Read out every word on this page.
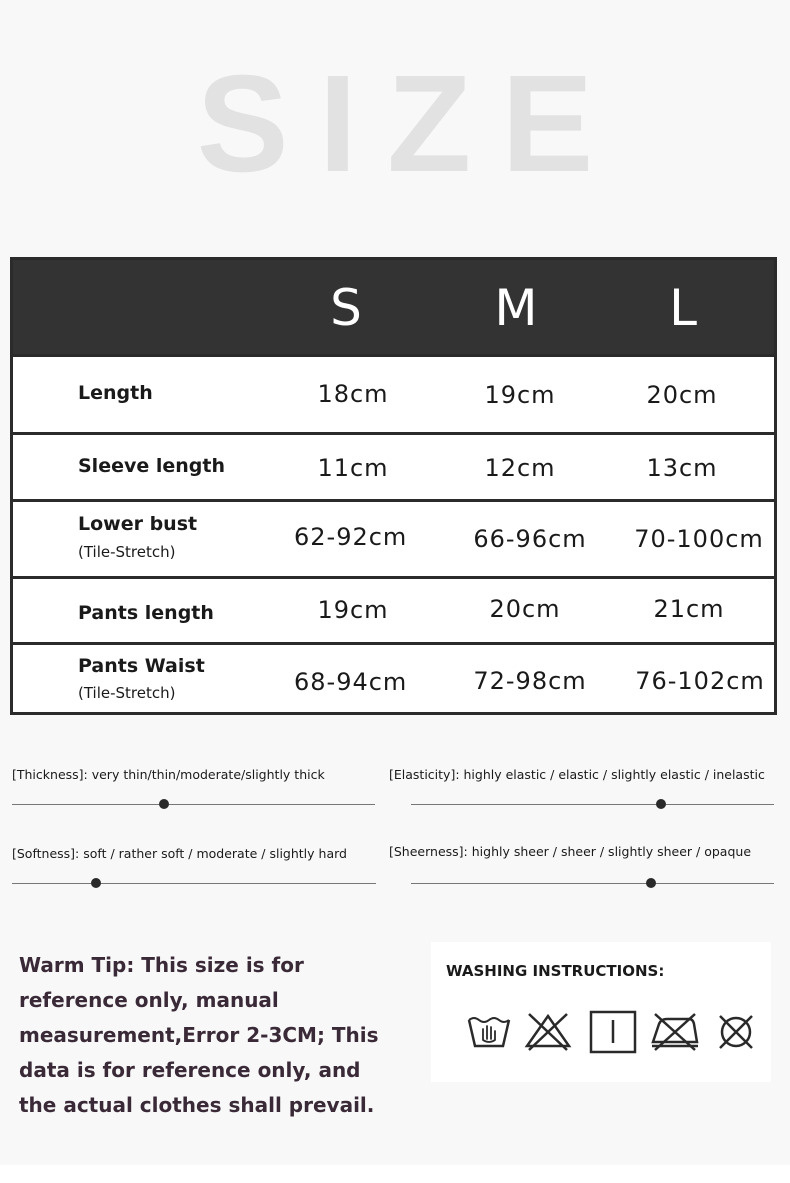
SIZE
S	M	L
Length	18cm	19cm	20cm
Sleeve length	11cm	12cm	13cm
Lower bust
(Tile-Stretch)
62-92cm	66-96cm	70-100cm
Pants length	19cm	20cm	21cm
Pants Waist
(Tile-Stretch)	68-94cm	72-98cm	76-102cm
[Thickness]: very thin/thin/moderate/slightly thick	[Elasticity]: highly elastic / elastic / slightly elastic / inelastic
[Softness]: soft / rather soft / moderate / slightly hard	[Sheerness]: highly sheer / sheer / slightly sheer / opaque
Warm Tip: This size is for reference only, manual measurement,Error 2-3CM; This data is for reference only, and the actual clothes shall prevail.
WASHING INSTRUCTIONS:
